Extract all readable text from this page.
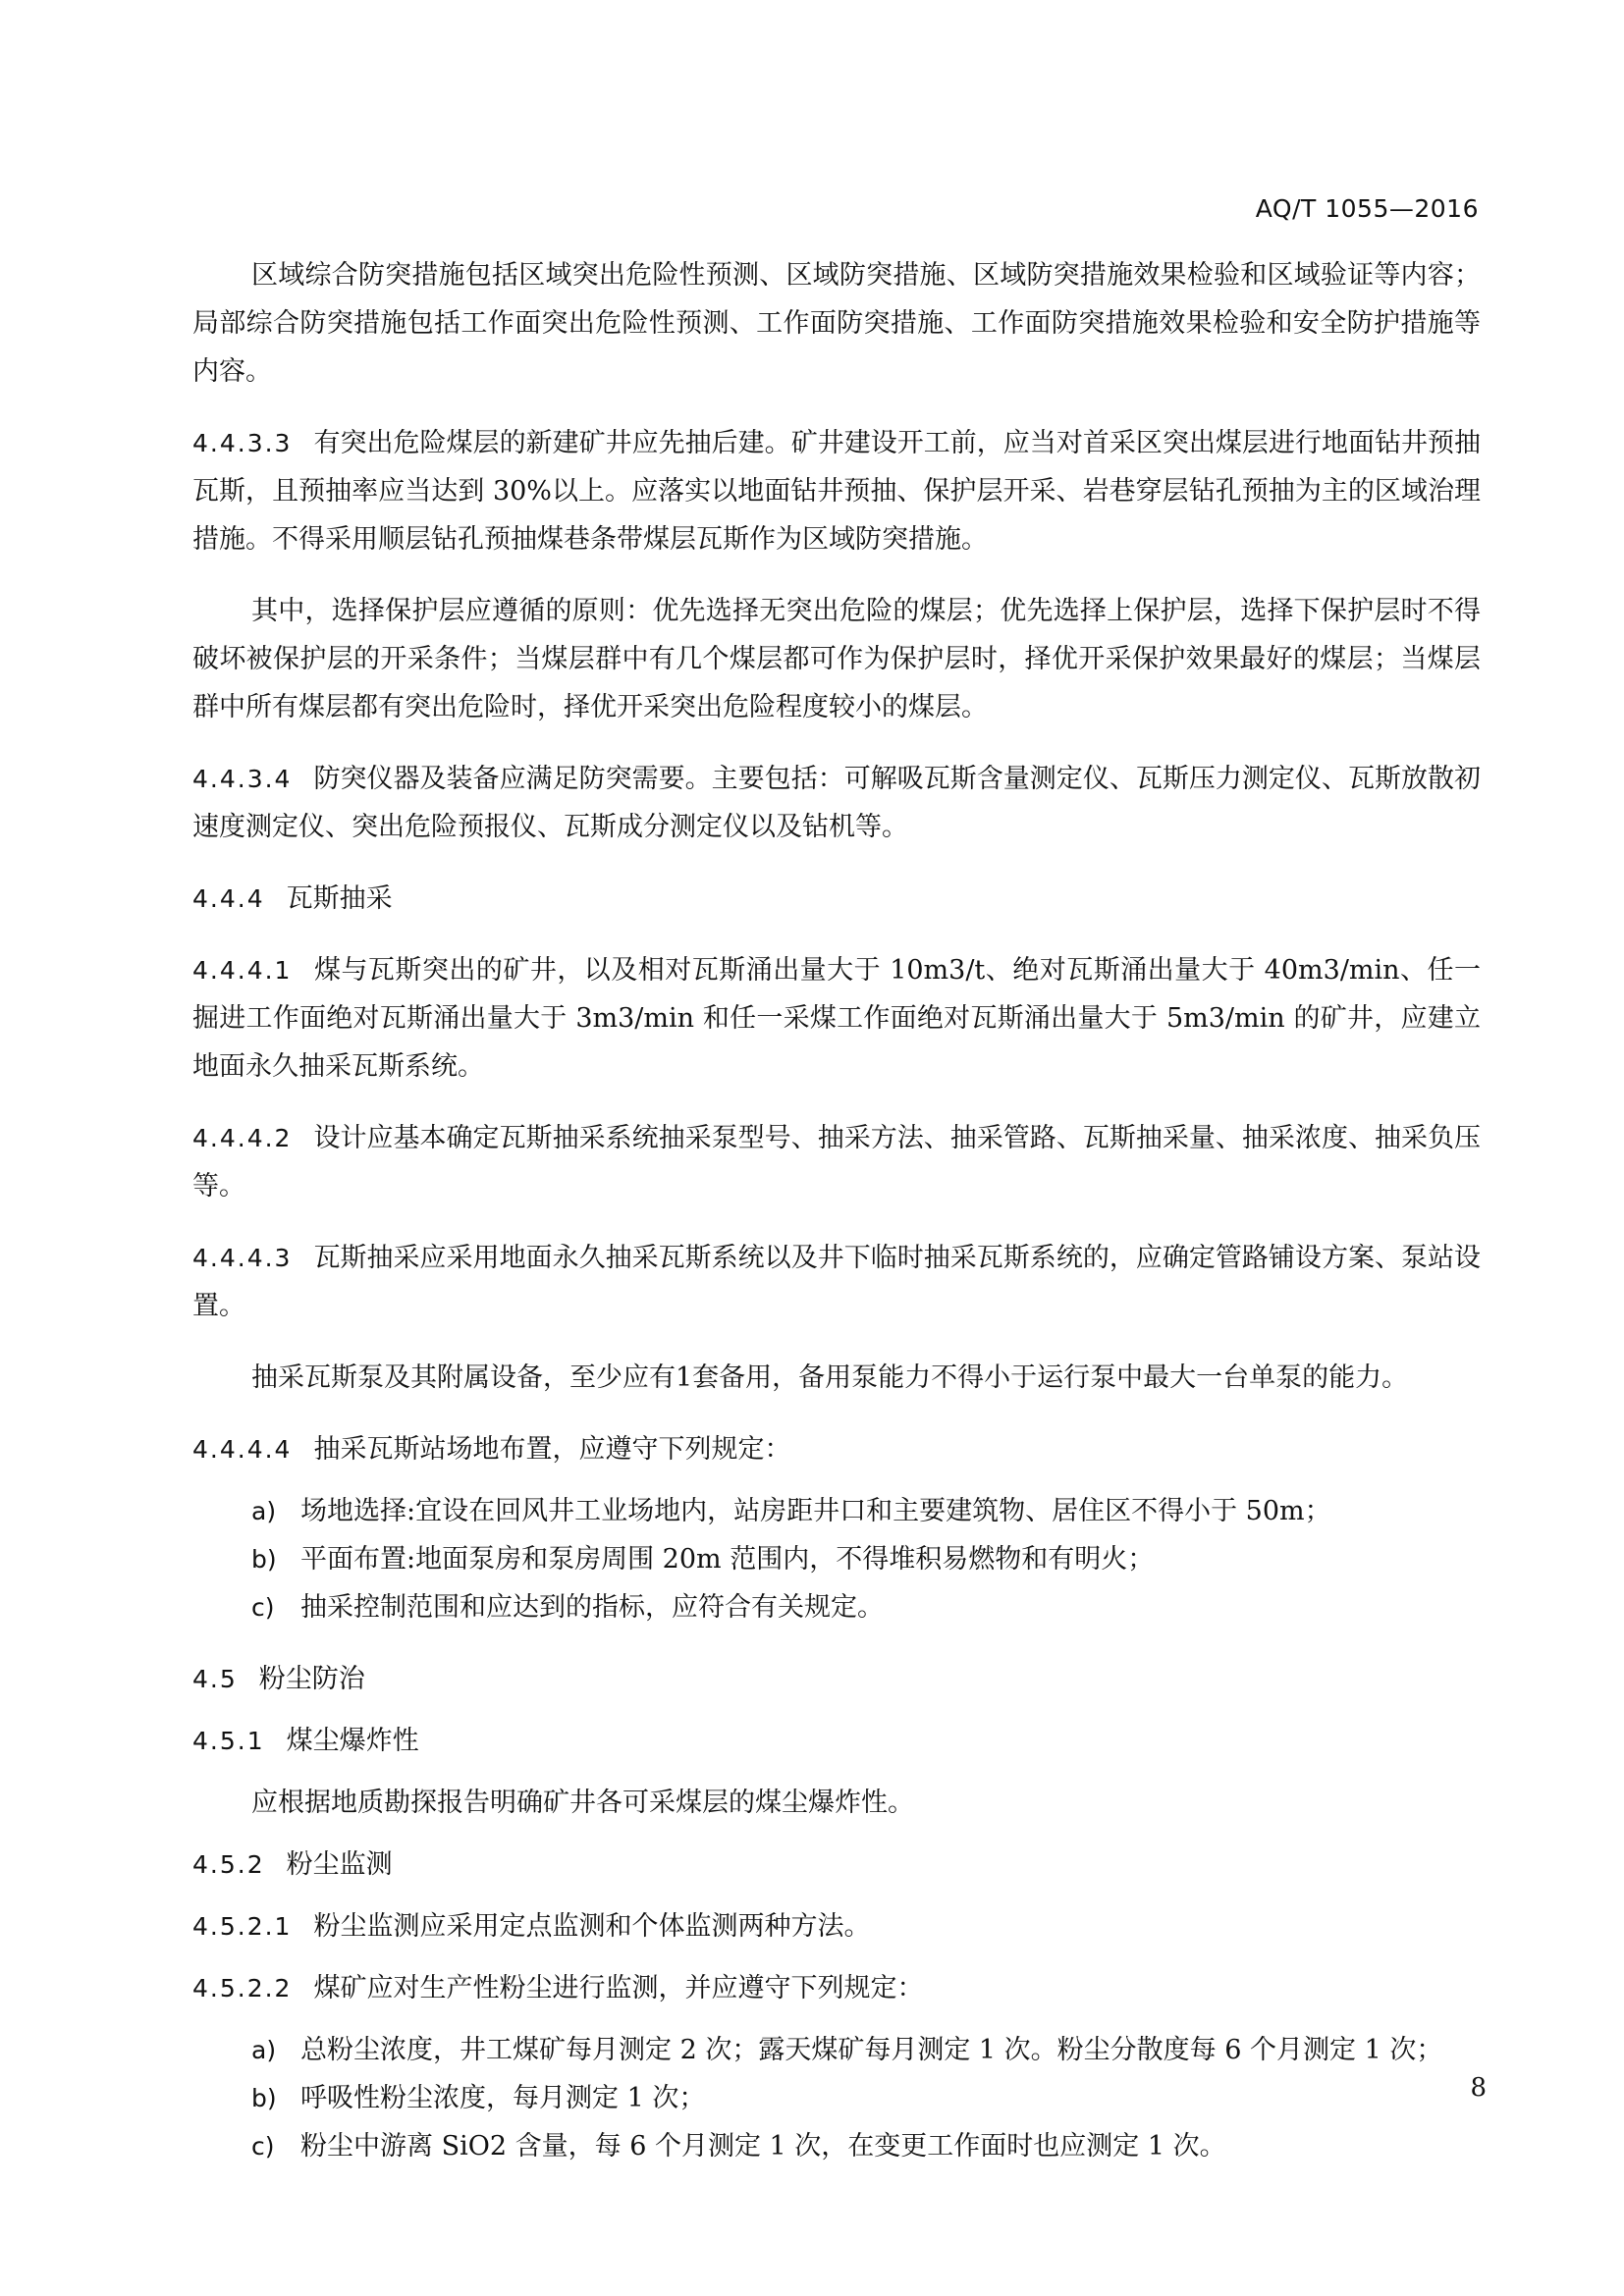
AQ/T 1055—2016

区域综合防突措施包括区域突出危险性预测、区域防突措施、区域防突措施效果检验和区域验证等内容；局部综合防突措施包括工作面突出危险性预测、工作面防突措施、工作面防突措施效果检验和安全防护措施等内容。

4.4.3.3 有突出危险煤层的新建矿井应先抽后建。矿井建设开工前，应当对首采区突出煤层进行地面钻井预抽瓦斯，且预抽率应当达到 30%以上。应落实以地面钻井预抽、保护层开采、岩巷穿层钻孔预抽为主的区域治理措施。不得采用顺层钻孔预抽煤巷条带煤层瓦斯作为区域防突措施。

其中，选择保护层应遵循的原则：优先选择无突出危险的煤层；优先选择上保护层，选择下保护层时不得破坏被保护层的开采条件；当煤层群中有几个煤层都可作为保护层时，择优开采保护效果最好的煤层；当煤层群中所有煤层都有突出危险时，择优开采突出危险程度较小的煤层。

4.4.3.4 防突仪器及装备应满足防突需要。主要包括：可解吸瓦斯含量测定仪、瓦斯压力测定仪、瓦斯放散初速度测定仪、突出危险预报仪、瓦斯成分测定仪以及钻机等。

4.4.4 瓦斯抽采

4.4.4.1 煤与瓦斯突出的矿井，以及相对瓦斯涌出量大于 10m3/t、绝对瓦斯涌出量大于 40m3/min、任一掘进工作面绝对瓦斯涌出量大于 3m3/min 和任一采煤工作面绝对瓦斯涌出量大于 5m3/min 的矿井，应建立地面永久抽采瓦斯系统。

4.4.4.2 设计应基本确定瓦斯抽采系统抽采泵型号、抽采方法、抽采管路、瓦斯抽采量、抽采浓度、抽采负压等。

4.4.4.3 瓦斯抽采应采用地面永久抽采瓦斯系统以及井下临时抽采瓦斯系统的，应确定管路铺设方案、泵站设置。

抽采瓦斯泵及其附属设备，至少应有1套备用，备用泵能力不得小于运行泵中最大一台单泵的能力。

4.4.4.4 抽采瓦斯站场地布置，应遵守下列规定：

a) 场地选择:宜设在回风井工业场地内，站房距井口和主要建筑物、居住区不得小于 50m；
b) 平面布置:地面泵房和泵房周围 20m 范围内，不得堆积易燃物和有明火；
c) 抽采控制范围和应达到的指标，应符合有关规定。

4.5 粉尘防治

4.5.1 煤尘爆炸性

应根据地质勘探报告明确矿井各可采煤层的煤尘爆炸性。

4.5.2 粉尘监测

4.5.2.1 粉尘监测应采用定点监测和个体监测两种方法。

4.5.2.2 煤矿应对生产性粉尘进行监测，并应遵守下列规定：

a) 总粉尘浓度，井工煤矿每月测定 2 次；露天煤矿每月测定 1 次。粉尘分散度每 6 个月测定 1 次；
b) 呼吸性粉尘浓度，每月测定 1 次；
c) 粉尘中游离 SiO2 含量，每 6 个月测定 1 次，在变更工作面时也应测定 1 次。
8
